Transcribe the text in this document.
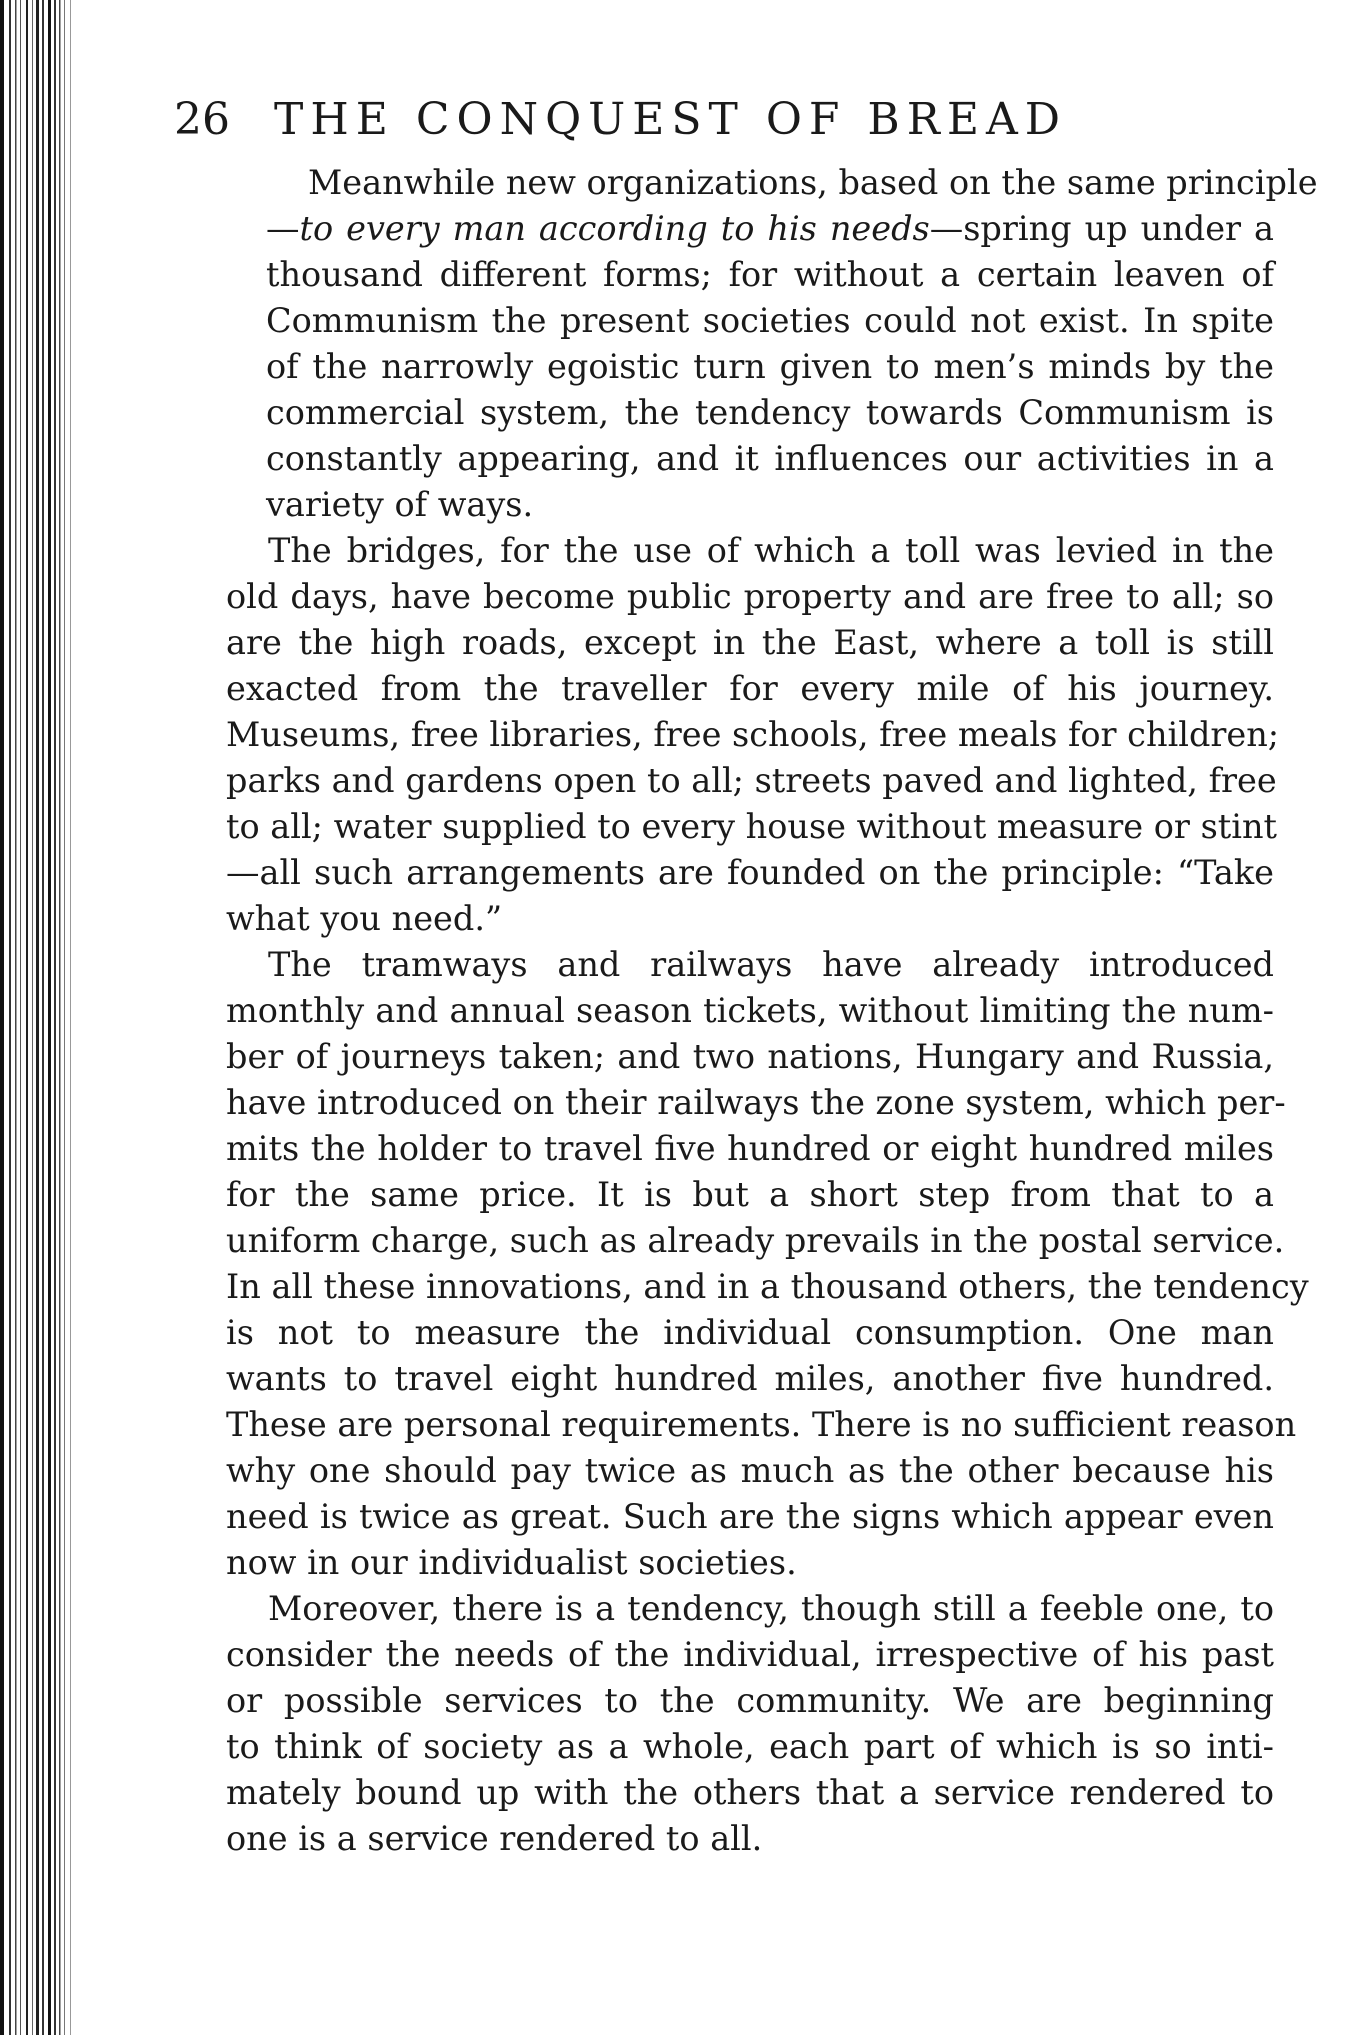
26 THE CONQUEST OF BREAD
Meanwhile new organizations, based on the same principle
—to every man according to his needs—spring up under a
thousand different forms; for without a certain leaven of
Communism the present societies could not exist. In spite
of the narrowly egoistic turn given to men’s minds by the
commercial system, the tendency towards Communism is
constantly appearing, and it influences our activities in a
variety of ways.
The bridges, for the use of which a toll was levied in the
old days, have become public property and are free to all; so
are the high roads, except in the East, where a toll is still
exacted from the traveller for every mile of his journey.
Museums, free libraries, free schools, free meals for children;
parks and gardens open to all; streets paved and lighted, free
to all; water supplied to every house without measure or stint
—all such arrangements are founded on the principle: “Take
what you need.”
The tramways and railways have already introduced
monthly and annual season tickets, without limiting the num-
ber of journeys taken; and two nations, Hungary and Russia,
have introduced on their railways the zone system, which per-
mits the holder to travel five hundred or eight hundred miles
for the same price. It is but a short step from that to a
uniform charge, such as already prevails in the postal service.
In all these innovations, and in a thousand others, the tendency
is not to measure the individual consumption. One man
wants to travel eight hundred miles, another five hundred.
These are personal requirements. There is no sufficient reason
why one should pay twice as much as the other because his
need is twice as great. Such are the signs which appear even
now in our individualist societies.
Moreover, there is a tendency, though still a feeble one, to
consider the needs of the individual, irrespective of his past
or possible services to the community. We are beginning
to think of society as a whole, each part of which is so inti-
mately bound up with the others that a service rendered to
one is a service rendered to all.
